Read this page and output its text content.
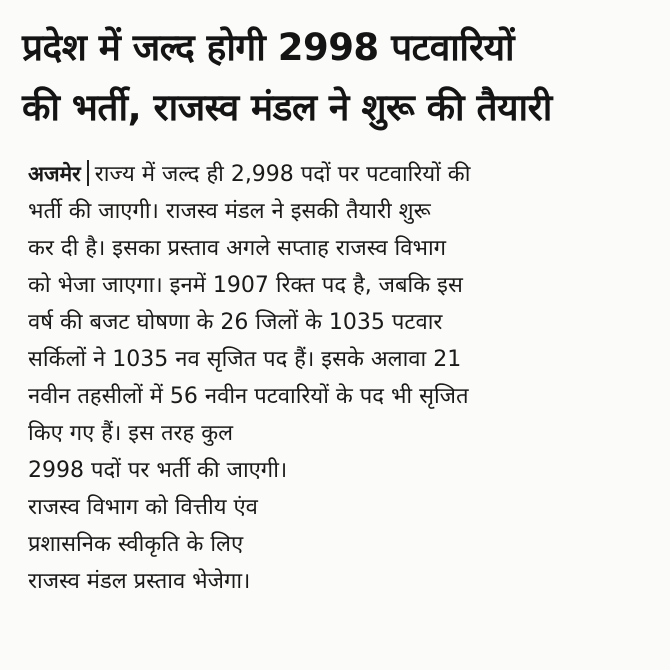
प्रदेश में जल्द होगी 2998 पटवारियों
की भर्ती, राजस्व मंडल ने शुरू की तैयारी
अजमेर राज्य में जल्द ही 2,998 पदों पर पटवारियों की
भर्ती की जाएगी। राजस्व मंडल ने इसकी तैयारी शुरू
कर दी है। इसका प्रस्ताव अगले सप्ताह राजस्व विभाग
को भेजा जाएगा। इनमें 1907 रिक्त पद है, जबकि इस
वर्ष की बजट घोषणा के 26 जिलों के 1035 पटवार
सर्किलों ने 1035 नव सृजित पद हैं। इसके अलावा 21
नवीन तहसीलों में 56 नवीन पटवारियों के पद भी सृजित
किए गए हैं। इस तरह कुल
2998 पदों पर भर्ती की जाएगी।
राजस्व विभाग को वित्तीय एंव
प्रशासनिक स्वीकृति के लिए
राजस्व मंडल प्रस्ताव भेजेगा।
